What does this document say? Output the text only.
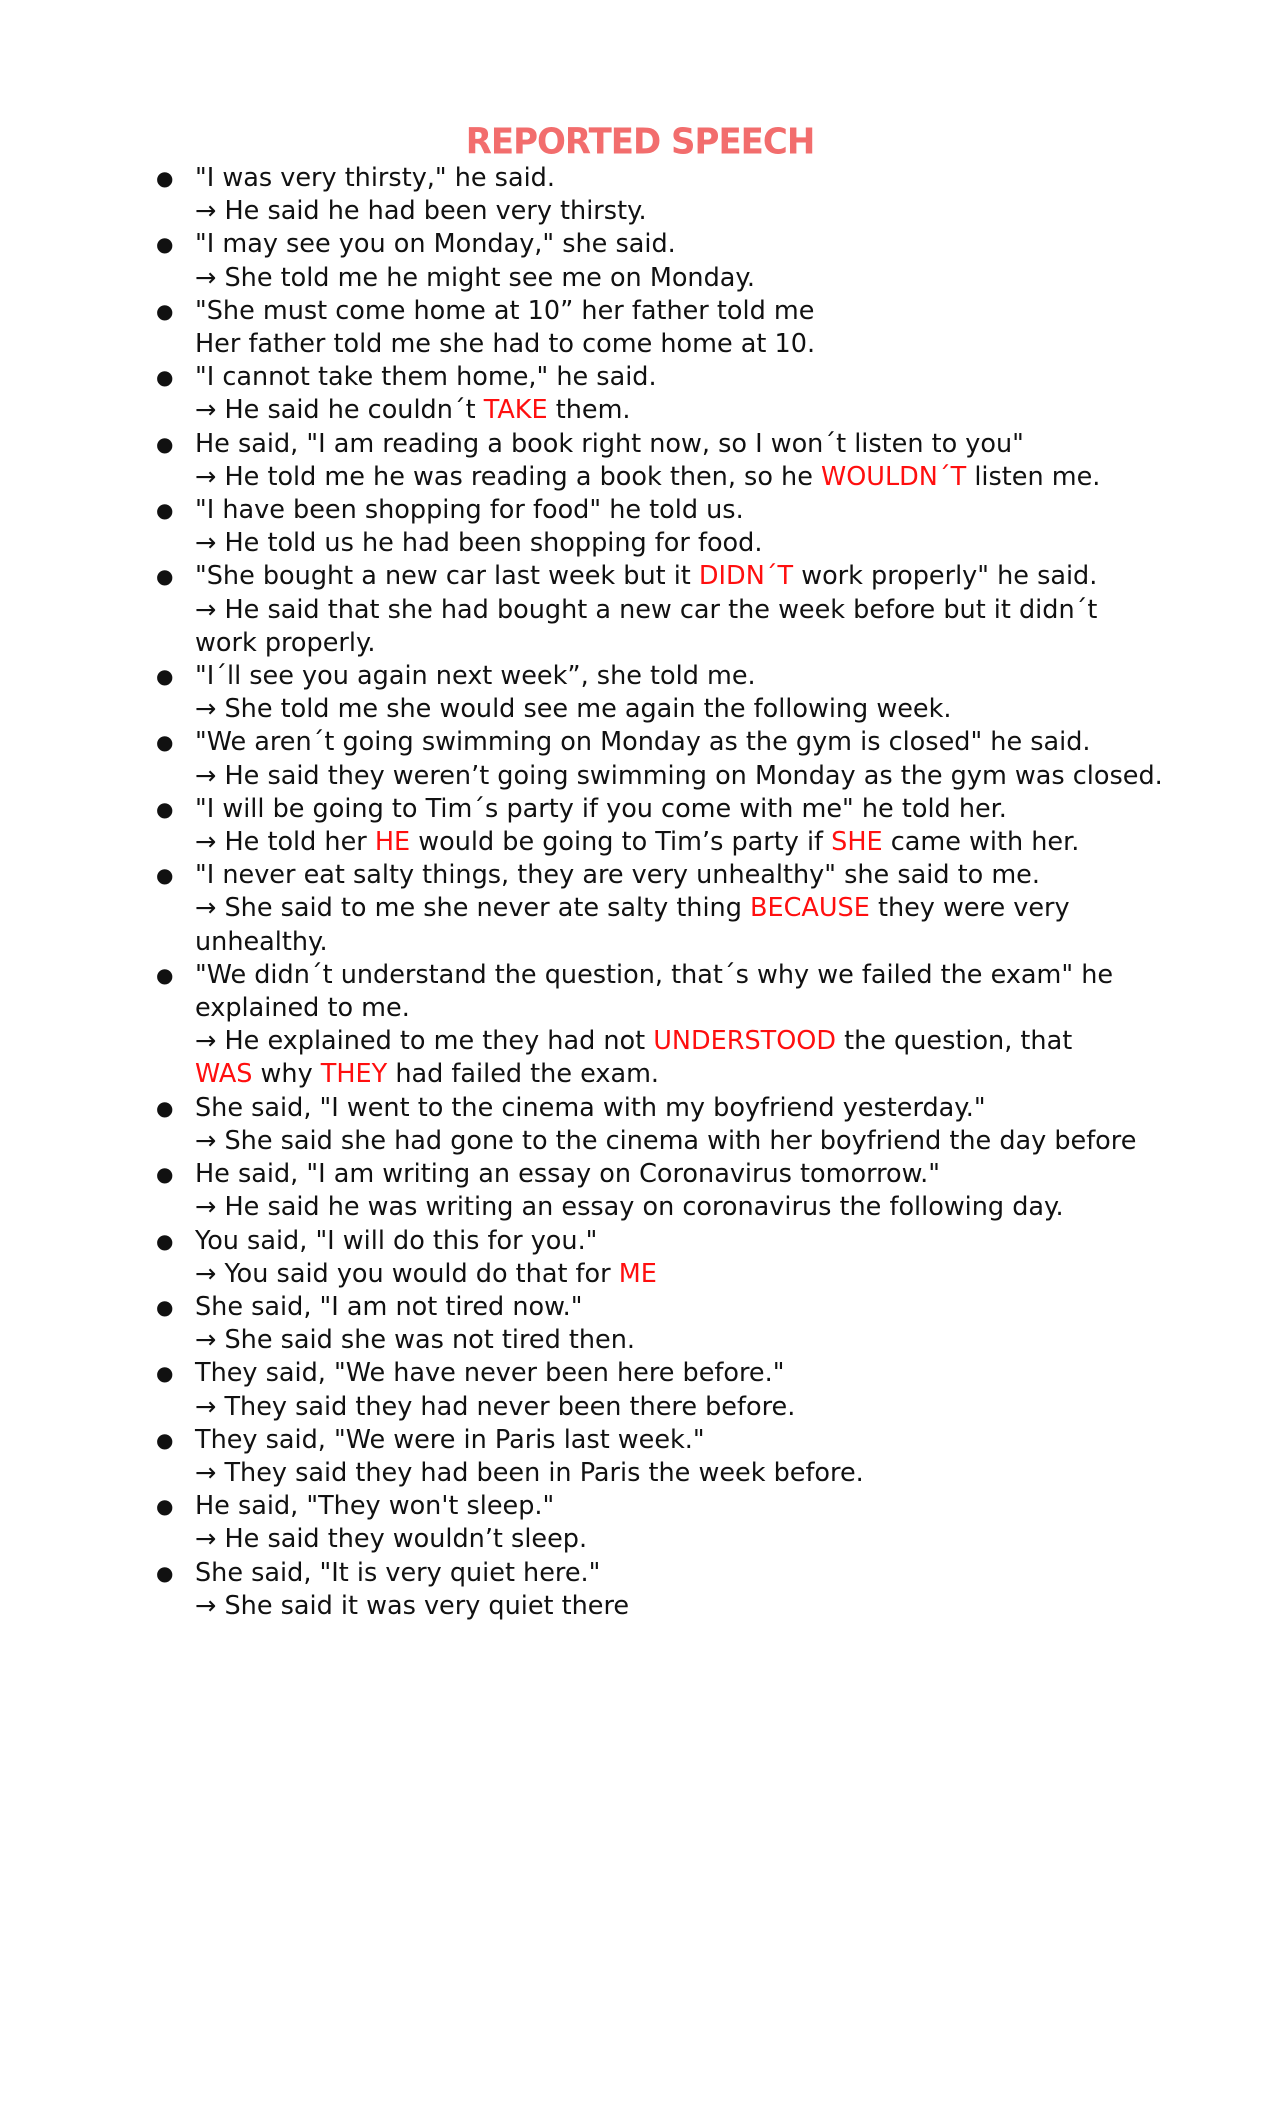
REPORTED SPEECH
● "I was very thirsty," he said.
→ He said he had been very thirsty.
● "I may see you on Monday," she said.
→ She told me he might see me on Monday.
● "She must come home at 10” her father told me
Her father told me she had to come home at 10.
● "I cannot take them home," he said.
→ He said he couldn´t TAKE them.
● He said, "I am reading a book right now, so I won´t listen to you"
→ He told me he was reading a book then, so he WOULDN´T listen me.
● "I have been shopping for food" he told us.
→ He told us he had been shopping for food.
● "She bought a new car last week but it DIDN´T work properly" he said.
→ He said that she had bought a new car the week before but it didn´t
work properly.
● "I´ll see you again next week”, she told me.
→ She told me she would see me again the following week.
● "We aren´t going swimming on Monday as the gym is closed" he said.
→ He said they weren’t going swimming on Monday as the gym was closed.
● "I will be going to Tim´s party if you come with me" he told her.
→ He told her HE would be going to Tim’s party if SHE came with her.
● "I never eat salty things, they are very unhealthy" she said to me.
→ She said to me she never ate salty thing BECAUSE they were very
unhealthy.
● "We didn´t understand the question, that´s why we failed the exam" he
explained to me.
→ He explained to me they had not UNDERSTOOD the question, that
WAS why THEY had failed the exam.
● She said, "I went to the cinema with my boyfriend yesterday."
→ She said she had gone to the cinema with her boyfriend the day before
● He said, "I am writing an essay on Coronavirus tomorrow."
→ He said he was writing an essay on coronavirus the following day.
● You said, "I will do this for you."
→ You said you would do that for ME
● She said, "I am not tired now."
→ She said she was not tired then.
● They said, "We have never been here before."
→ They said they had never been there before.
● They said, "We were in Paris last week."
→ They said they had been in Paris the week before.
● He said, "They won't sleep."
→ He said they wouldn’t sleep.
● She said, "It is very quiet here."
→ She said it was very quiet there
